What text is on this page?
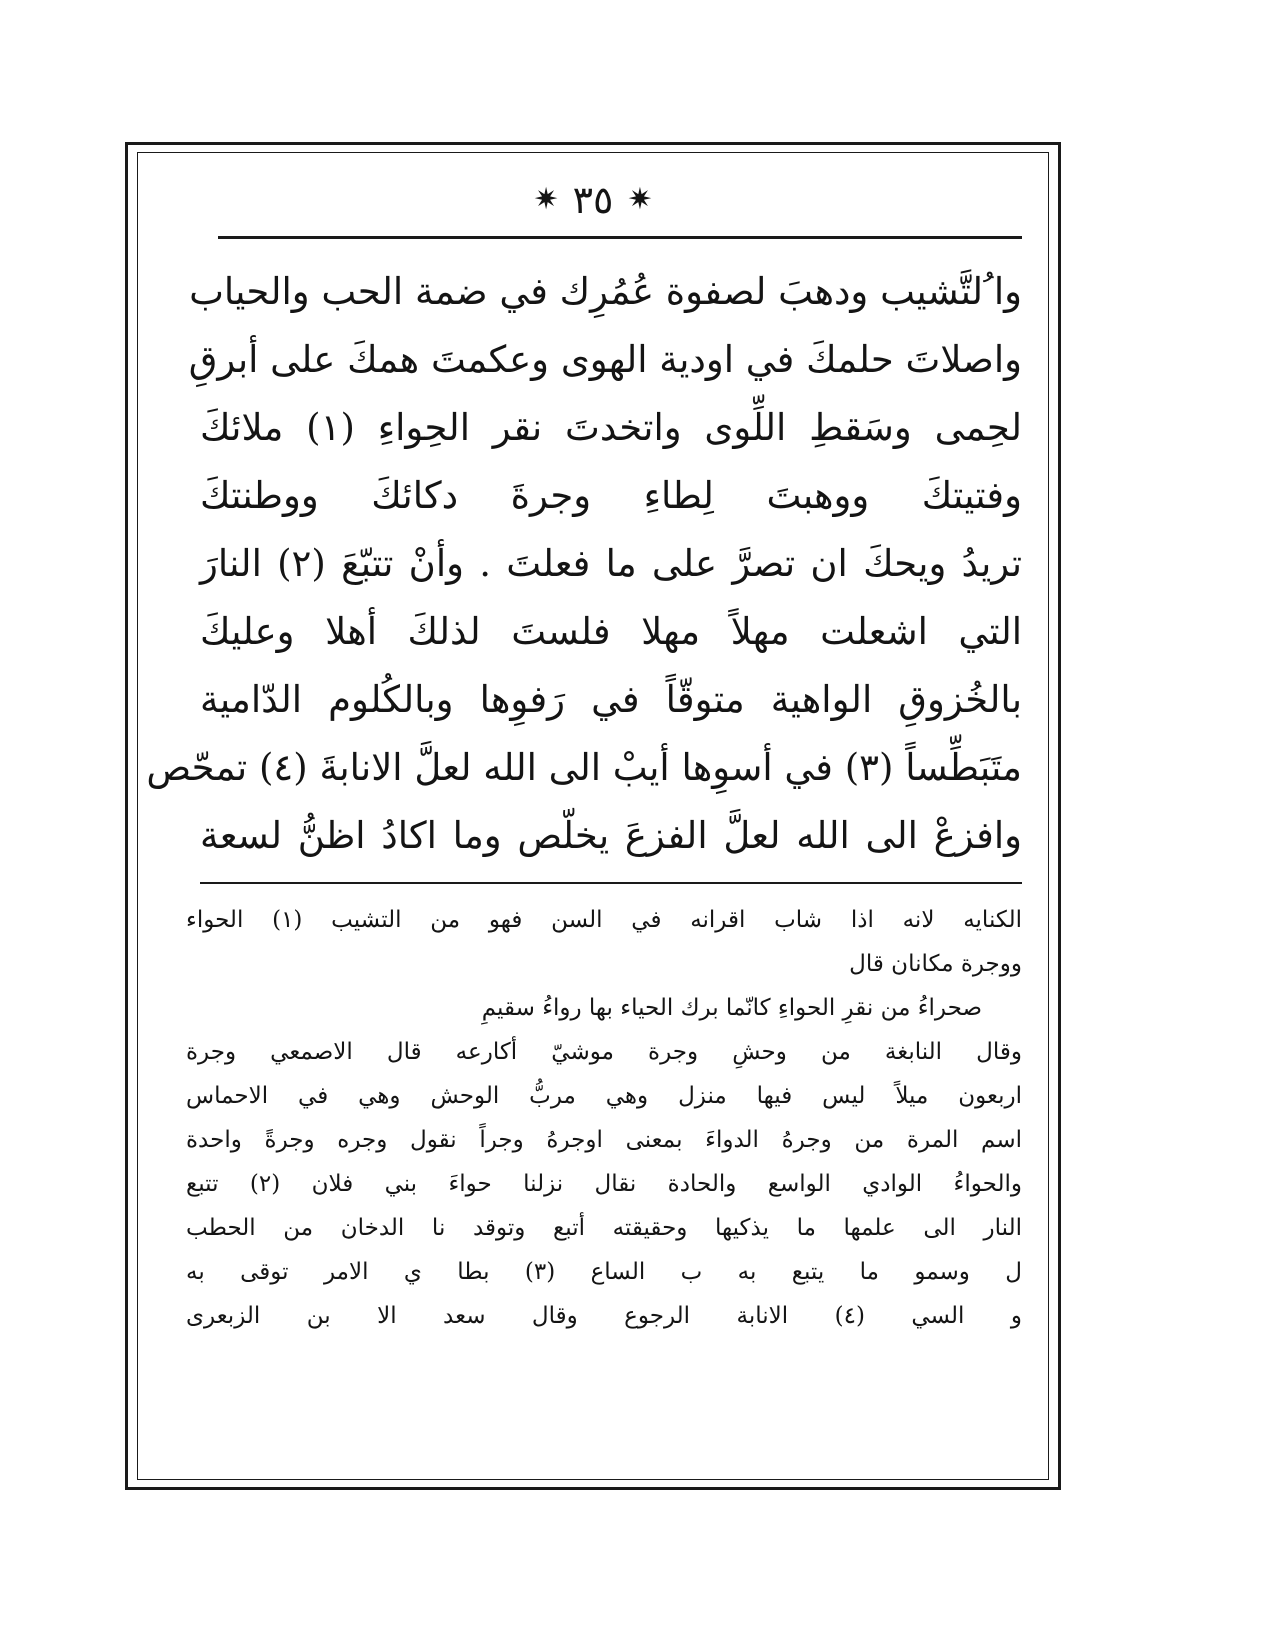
✷ ٣٥ ✷
وا ُلتَّشيب ودهبَ لصفوة عُمُرِك في ضمة الحب والحياب
واصلاتَ حلمكَ في اودية الهوى وعكمتَ همكَ على أبرقِ
لحِمى وسَقطِ اللِّوى واتخدتَ نقر الحِواءِ (١) ملائكَ
وفتيتكَ ووهبتَ لِطاءِ وجرةَ دكائكَ ووطنتكَ
تريدُ ويحكَ ان تصرَّ على ما فعلتَ . وأنْ تتبّعَ (٢) النارَ
التي اشعلت مهلاً مهلا فلستَ لذلكَ أهلا وعليكَ
بالخُزوقِ الواهية متوقّاً في رَفوِها وبالكُلوم الدّامية
متَبَطِّساً (٣) في أسوِها أيبْ الى الله لعلَّ الانابةَ (٤) تمحّص
وافزعْ الى الله لعلَّ الفزعَ يخلّص وما اكادُ اظنُّ لسعة
الكنايه لانه اذا شاب اقرانه في السن فهو من التشيب (١) الحواء
ووجرة مكانان قال
صحراءُ من نقرِ الحواءِ كانّما برك الحياء بها رواءُ سقيمِ
وقال النابغة من وحشِ وجرة موشيّ أكارعه قال الاصمعي وجرة
اربعون ميلاً ليس فيها منزل وهي مربُّ الوحش وهي في الاحماس
اسم المرة من وجرهُ الدواءَ بمعنى اوجرهُ وجراً نقول وجره وجرةً واحدة
والحواءُ الوادي الواسع والحادة نقال نزلنا حواءَ بني فلان (٢) تتبع
النار الى علمها ما يذكيها وحقيقته أتبع وتوقد نا الدخان من الحطب
ل وسمو ما يتبع به ب الساع (٣) بطا ي الامر توقى به
و السي (٤) الانابة الرجوع وقال سعد الا بن الزبعرى
